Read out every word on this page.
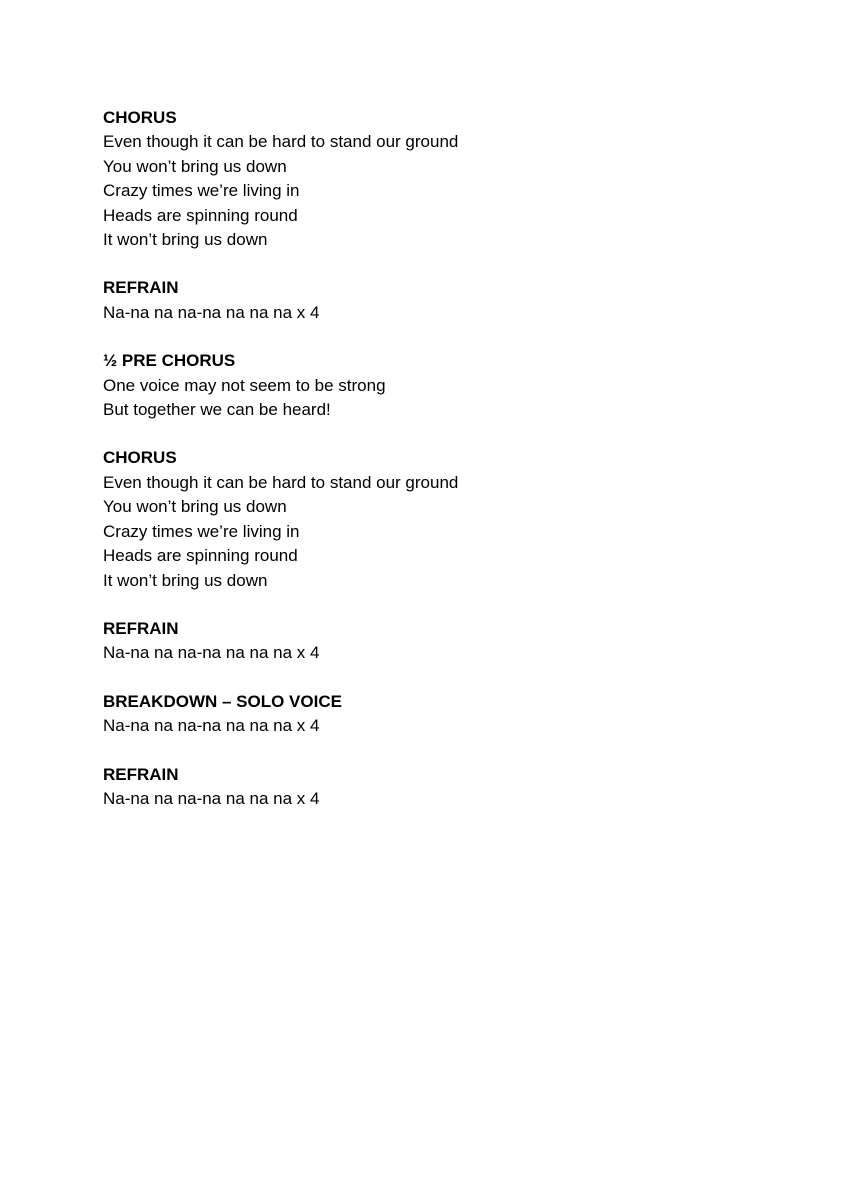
CHORUS
Even though it can be hard to stand our ground
You won’t bring us down
Crazy times we’re living in
Heads are spinning round
It won’t bring us down
REFRAIN
Na-na na na-na na na na x 4
½ PRE CHORUS
One voice may not seem to be strong
But together we can be heard!
CHORUS
Even though it can be hard to stand our ground
You won’t bring us down
Crazy times we’re living in
Heads are spinning round
It won’t bring us down
REFRAIN
Na-na na na-na na na na x 4
BREAKDOWN – SOLO VOICE
Na-na na na-na na na na x 4
REFRAIN
Na-na na na-na na na na x 4
